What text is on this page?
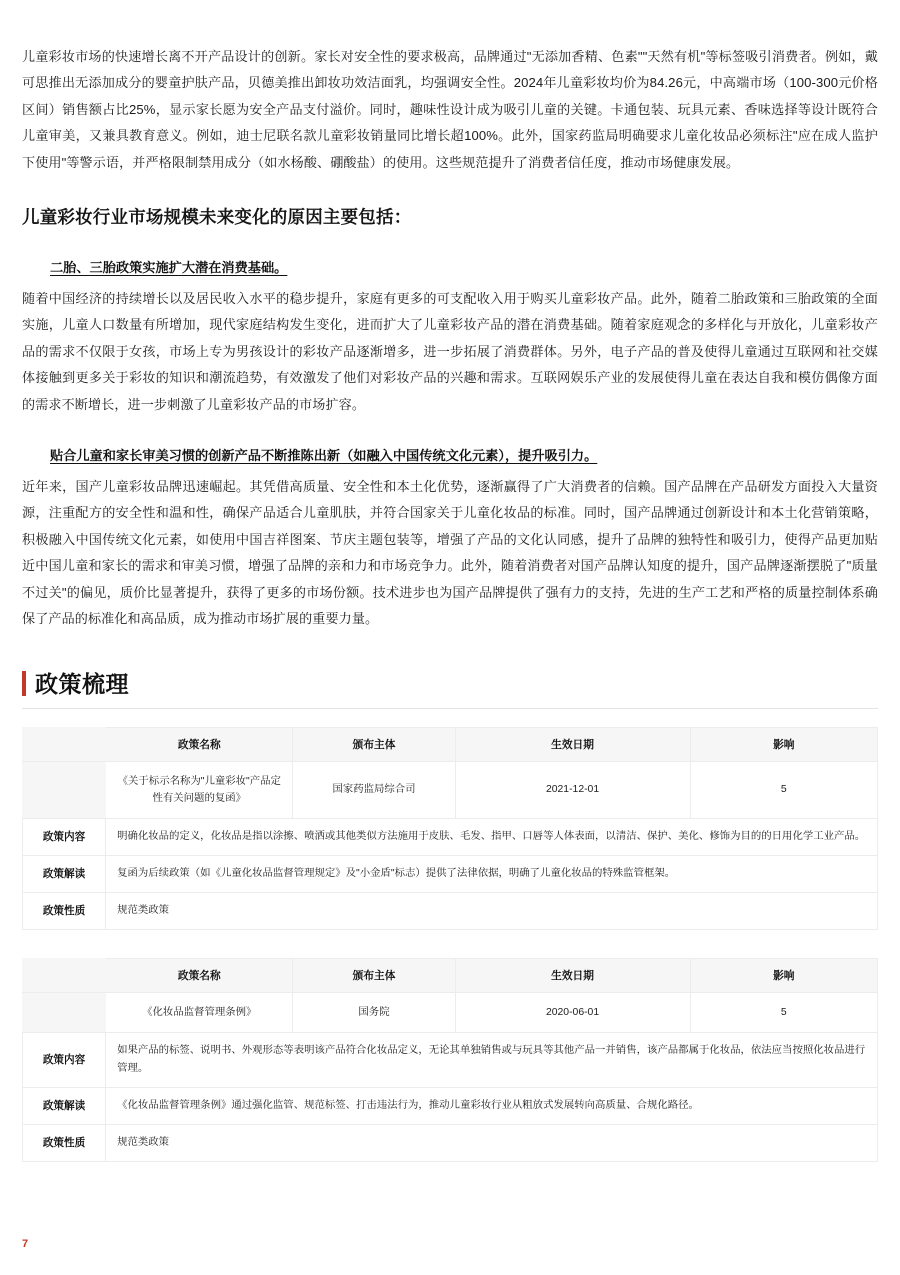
儿童彩妆市场的快速增长离不开产品设计的创新。家长对安全性的要求极高，品牌通过"无添加香精、色素""天然有机"等标签吸引消费者。例如，戴可思推出无添加成分的婴童护肤产品，贝德美推出卸妆功效洁面乳，均强调安全性。2024年儿童彩妆均价为84.26元，中高端市场（100-300元价格区间）销售额占比25%，显示家长愿为安全产品支付溢价。同时，趣味性设计成为吸引儿童的关键。卡通包装、玩具元素、香味选择等设计既符合儿童审美，又兼具教育意义。例如，迪士尼联名款儿童彩妆销量同比增长超100%。此外，国家药监局明确要求儿童化妆品必须标注"应在成人监护下使用"等警示语，并严格限制禁用成分（如水杨酸、硼酸盐）的使用。这些规范提升了消费者信任度，推动市场健康发展。

儿童彩妆行业市场规模未来变化的原因主要包括：
二胎、三胎政策实施扩大潜在消费基础。

随着中国经济的持续增长以及居民收入水平的稳步提升，家庭有更多的可支配收入用于购买儿童彩妆产品。此外，随着二胎政策和三胎政策的全面实施，儿童人口数量有所增加，现代家庭结构发生变化，进而扩大了儿童彩妆产品的潜在消费基础。随着家庭观念的多样化与开放化，儿童彩妆产品的需求不仅限于女孩，市场上专为男孩设计的彩妆产品逐渐增多，进一步拓展了消费群体。另外，电子产品的普及使得儿童通过互联网和社交媒体接触到更多关于彩妆的知识和潮流趋势，有效激发了他们对彩妆产品的兴趣和需求。互联网娱乐产业的发展使得儿童在表达自我和模仿偶像方面的需求不断增长，进一步刺激了儿童彩妆产品的市场扩容。

贴合儿童和家长审美习惯的创新产品不断推陈出新（如融入中国传统文化元素），提升吸引力。

近年来，国产儿童彩妆品牌迅速崛起。其凭借高质量、安全性和本土化优势，逐渐赢得了广大消费者的信赖。国产品牌在产品研发方面投入大量资源，注重配方的安全性和温和性，确保产品适合儿童肌肤，并符合国家关于儿童化妆品的标准。同时，国产品牌通过创新设计和本土化营销策略，积极融入中国传统文化元素，如使用中国吉祥图案、节庆主题包装等，增强了产品的文化认同感，提升了品牌的独特性和吸引力，使得产品更加贴近中国儿童和家长的需求和审美习惯，增强了品牌的亲和力和市场竞争力。此外，随着消费者对国产品牌认知度的提升，国产品牌逐渐摆脱了"质量不过关"的偏见，质价比显著提升，获得了更多的市场份额。技术进步也为国产品牌提供了强有力的支持，先进的生产工艺和严格的质量控制体系确保了产品的标准化和高品质，成为推动市场扩展的重要力量。

政策梳理
	政策名称	颁布主体	生效日期	影响
	《关于标示名称为"儿童彩妆"产品定性有关问题的复函》	国家药监局综合司	2021-12-01	5
政策内容	明确化妆品的定义，化妆品是指以涂擦、喷洒或其他类似方法施用于皮肤、毛发、指甲、口唇等人体表面，以清洁、保护、美化、修饰为目的的日用化学工业产品。			
政策解读	复函为后续政策（如《儿童化妆品监督管理规定》及"小金盾"标志）提供了法律依据，明确了儿童化妆品的特殊监管框架。			
政策性质	规范类政策			
	政策名称	颁布主体	生效日期	影响
	《化妆品监督管理条例》	国务院	2020-06-01	5
政策内容	如果产品的标签、说明书、外观形态等表明该产品符合化妆品定义，无论其单独销售或与玩具等其他产品一并销售，该产品都属于化妆品，依法应当按照化妆品进行管理。			
政策解读	《化妆品监督管理条例》通过强化监管、规范标签、打击违法行为，推动儿童彩妆行业从粗放式发展转向高质量、合规化路径。			
政策性质	规范类政策			
7
